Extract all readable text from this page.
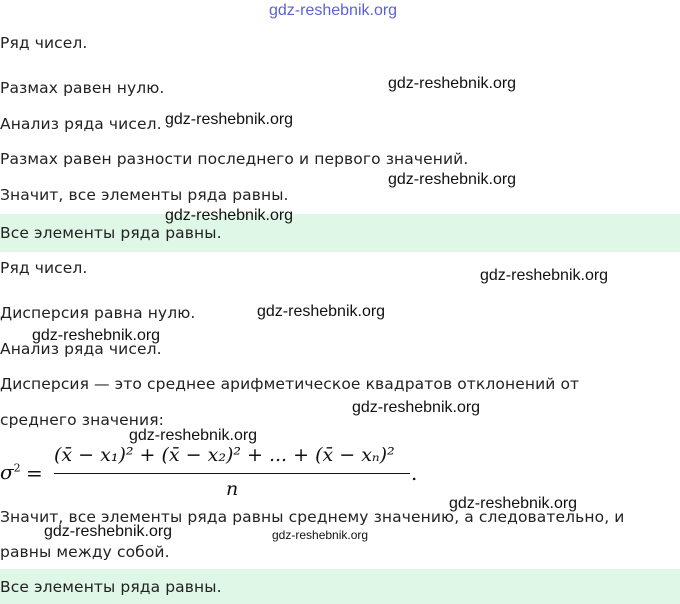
gdz-reshebnik.org
Ряд чисел.
Размах равен нулю.
Анализ ряда чисел.
Размах равен разности последнего и первого значений.
Значит, все элементы ряда равны.
Все элементы ряда равны.
Ряд чисел.
Дисперсия равна нулю.
Анализ ряда чисел.
Дисперсия — это среднее арифметическое квадратов отклонений от
среднего значения:
$\sigma^2$ =
(x̄ − x₁)² + (x̄ − x₂)² + ... + (x̄ − xₙ)²
n
.
Значит, все элементы ряда равны среднему значению, а следовательно, и
равны между собой.
Все элементы ряда равны.
gdz-reshebnik.org
gdz-reshebnik.org
gdz-reshebnik.org
gdz-reshebnik.org
gdz-reshebnik.org
gdz-reshebnik.org
gdz-reshebnik.org
gdz-reshebnik.org
gdz-reshebnik.org
gdz-reshebnik.org
gdz-reshebnik.org	gdz-reshebnik.org
